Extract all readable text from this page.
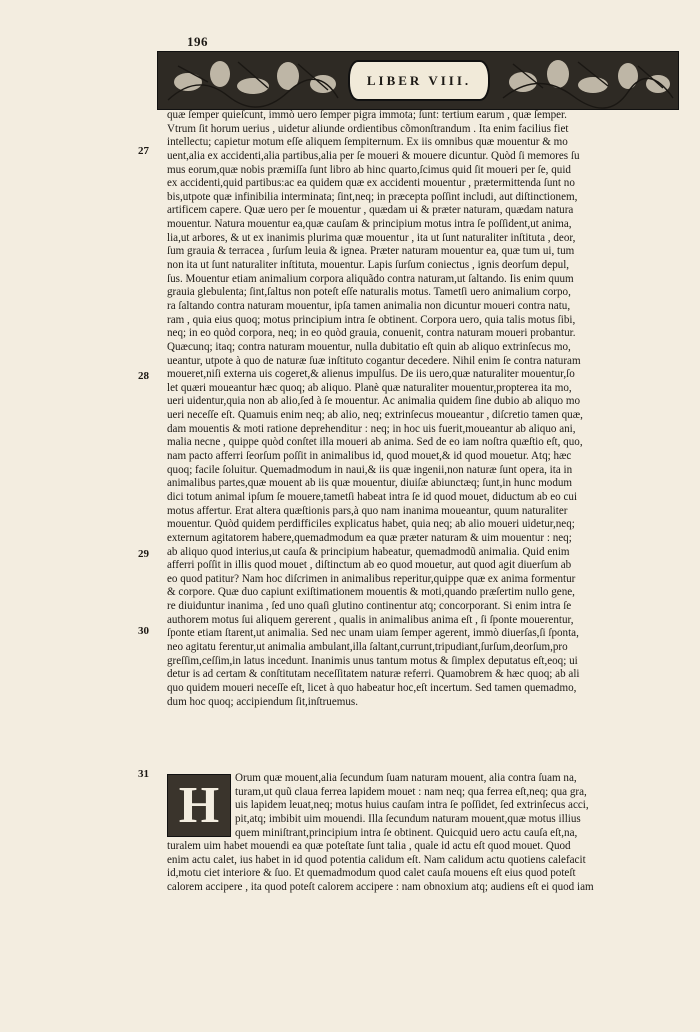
196
LIBER VIII.
27
28
29
30
31
quæ ſemper quieſcunt, immò uero ſemper pigra immota; ſunt: tertium earum , quæ ſemper.
Vtrum ſit horum uerius , uidetur aliunde ordientibus cõmonſtrandum . Ita enim facilius fiet
intellectu; capietur motum eſſe aliquem ſempiternum. Ex iis omnibus quæ mouentur & mo
uent,alia ex accidenti,alia partibus,alia per ſe moueri & mouere dicuntur. Quòd ſi memores ſu
mus eorum,quæ nobis præmiſſa ſunt libro ab hinc quarto,ſcimus quid ſit moueri per ſe, quid
ex accidenti,quid partibus:ac ea quidem quæ ex accidenti mouentur , prætermittenda ſunt no
bis,utpote quæ infinibilia interminata; ſint,neq; in præcepta poſſint includi, aut diſtinctionem,
artificem capere. Quæ uero per ſe mouentur , quædam ui & præter naturam, quædam natura
mouentur. Natura mouentur ea,quæ cauſam & principium motus intra ſe poſſident,ut anima,
lia,ut arbores, & ut ex inanimis plurima quæ mouentur , ita ut ſunt naturaliter inſtituta , deor,
ſum grauia & terracea , ſurſum leuia & ignea. Præter naturam mouentur ea, quæ tum ui, tum
non ita ut ſunt naturaliter inſtituta, mouentur. Lapis ſurſum coniectus , ignis deorſum depul,
ſus. Mouentur etiam animalium corpora aliquãdo contra naturam,ut ſaltando. Iis enim quum
grauia glebulenta; ſint,ſaltus non poteſt eſſe naturalis motus. Tametſi uero animalium corpo,
ra ſaltando contra naturam mouentur, ipſa tamen animalia non dicuntur moueri contra natu,
ram , quia eius quoq; motus principium intra ſe obtinent. Corpora uero, quia talis motus ſibi,
neq; in eo quòd corpora, neq; in eo quòd grauia, conuenit, contra naturam moueri probantur.
Quæcunq; itaq; contra naturam mouentur, nulla dubitatio eſt quin ab aliquo extrinſecus mo,
ueantur, utpote à quo de naturæ ſuæ inſtituto cogantur decedere. Nihil enim ſe contra naturam
moueret,niſi externa uis cogeret,& alienus impulſus. De iis uero,quæ naturaliter mouentur,ſo
let quæri moueantur hæc quoq; ab aliquo. Planè quæ naturaliter mouentur,propterea ita mo,
ueri uidentur,quia non ab alio,ſed à ſe mouentur. Ac animalia quidem ſine dubio ab aliquo mo
ueri neceſſe eſt. Quamuis enim neq; ab alio, neq; extrinſecus moueantur , diſcretio tamen quæ,
dam mouentis & moti ratione deprehenditur : neq; in hoc uis fuerit,moueantur ab aliquo ani,
malia necne , quippe quòd conſtet illa moueri ab anima. Sed de eo iam noſtra quæſtio eſt, quo,
nam pacto afferri ſeorſum poſſit in animalibus id, quod mouet,& id quod mouetur. Atq; hæc
quoq; facile ſoluitur. Quemadmodum in naui,& iis quæ ingenii,non naturæ ſunt opera, ita in
animalibus partes,quæ mouent ab iis quæ mouentur, diuiſæ abiunctæq; ſunt,in hunc modum
dici totum animal ipſum ſe mouere,tametſi habeat intra ſe id quod mouet, diductum ab eo cui
motus affertur. Erat altera quæſtionis pars,à quo nam inanima moueantur, quum naturaliter
mouentur. Quòd quidem perdifficiles explicatus habet, quia neq; ab alio moueri uidetur,neq;
externum agitatorem habere,quemadmodum ea quæ præter naturam & uim mouentur : neq;
ab aliquo quod interius,ut cauſa & principium habeatur, quemadmodũ animalia. Quid enim
afferri poſſit in illis quod mouet , diſtinctum ab eo quod mouetur, aut quod agit diuerſum ab
eo quod patitur? Nam hoc diſcrimen in animalibus reperitur,quippe quæ ex anima formentur
& corpore. Quæ duo capiunt exiſtimationem mouentis & moti,quando præſertim nullo gene,
re diuiduntur inanima , ſed uno quaſi glutino continentur atq; concorporant. Si enim intra ſe
authorem motus ſui aliquem gererent , qualis in animalibus anima eſt , ſi ſponte mouerentur,
ſponte etiam ſtarent,ut animalia. Sed nec unam uiam ſemper agerent, immò diuerſas,ſi ſponta,
neo agitatu ferentur,ut animalia ambulant,illa ſaltant,currunt,tripudiant,ſurſum,deorſum,pro
greſſim,ceſſim,in latus incedunt. Inanimis unus tantum motus & ſimplex deputatus eſt,eoq; ui
detur is ad certam & conſtitutam neceſſitatem naturæ referri. Quamobrem & hæc quoq; ab ali
quo quidem moueri neceſſe eſt, licet à quo habeatur hoc,eſt incertum. Sed tamen quemadmo,
dum hoc quoq; accipiendum ſit,inſtruemus.
H	Orum quæ mouent,alia ſecundum ſuam naturam mouent, alia contra ſuam na,
turam,ut quũ claua ferrea lapidem mouet : nam neq; qua ferrea eſt,neq; qua gra,
uis lapidem leuat,neq; motus huius cauſam intra ſe poſſidet, ſed extrinſecus acci,
pit,atq; imbibit uim mouendi. Illa ſecundum naturam mouent,quæ motus illius
quem miniſtrant,principium intra ſe obtinent. Quicquid uero actu cauſa eſt,na,
turalem uim habet mouendi ea quæ poteſtate ſunt talia , quale id actu eſt quod mouet. Quod
enim actu calet, ius habet in id quod potentia calidum eſt. Nam calidum actu quotiens calefacit
id,motu ciet interiore & ſuo. Et quemadmodum quod calet cauſa mouens eſt eius quod poteſt
calorem accipere , ita quod poteſt calorem accipere : nam obnoxium atq; audiens eſt ei quod iam
